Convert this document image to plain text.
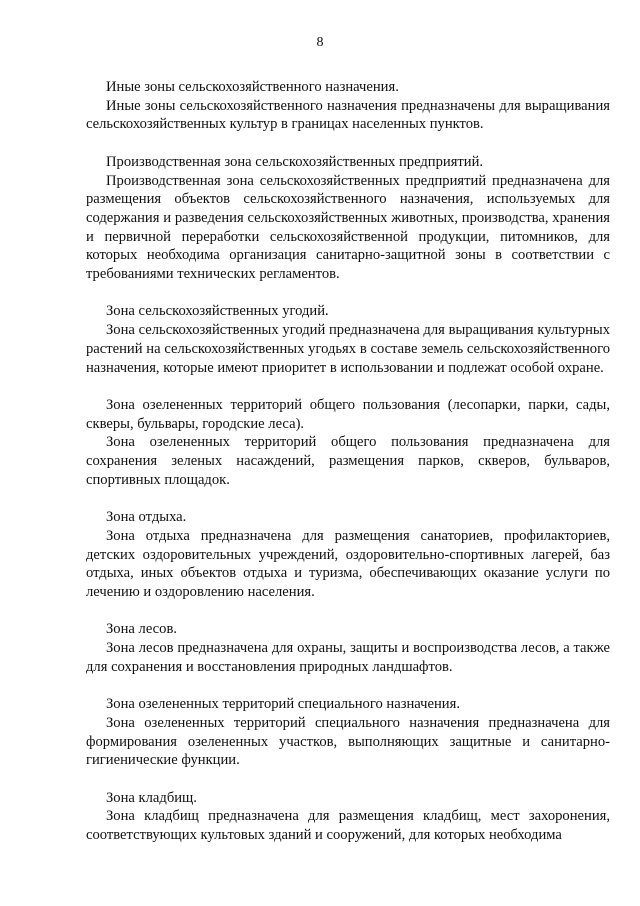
8

Иные зоны сельскохозяйственного назначения.

Иные зоны сельскохозяйственного назначения предназначены для выращивания сельскохозяйственных культур в границах населенных пунктов.

Производственная зона сельскохозяйственных предприятий.

Производственная зона сельскохозяйственных предприятий предназначена для размещения объектов сельскохозяйственного назначения, используемых для содержания и разведения сельскохозяйственных животных, производства, хранения и первичной переработки сельскохозяйственной продукции, питомников, для которых необходима организация санитарно-защитной зоны в соответствии с требованиями технических регламентов.

Зона сельскохозяйственных угодий.

Зона сельскохозяйственных угодий предназначена для выращивания культурных растений на сельскохозяйственных угодьях в составе земель сельскохозяйственного назначения, которые имеют приоритет в использовании и подлежат особой охране.

Зона озелененных территорий общего пользования (лесопарки, парки, сады, скверы, бульвары, городские леса).

Зона озелененных территорий общего пользования предназначена для сохранения зеленых насаждений, размещения парков, скверов, бульваров, спортивных площадок.

Зона отдыха.

Зона отдыха предназначена для размещения санаториев, профилакториев, детских оздоровительных учреждений, оздоровительно-спортивных лагерей, баз отдыха, иных объектов отдыха и туризма, обеспечивающих оказание услуги по лечению и оздоровлению населения.

Зона лесов.

Зона лесов предназначена для охраны, защиты и воспроизводства лесов, а также для сохранения и восстановления природных ландшафтов.

Зона озелененных территорий специального назначения.

Зона озелененных территорий специального назначения предназначена для формирования озелененных участков, выполняющих защитные и санитарно-гигиенические функции.

Зона кладбищ.

Зона кладбищ предназначена для размещения кладбищ, мест захоронения, соответствующих культовых зданий и сооружений, для которых необходима
